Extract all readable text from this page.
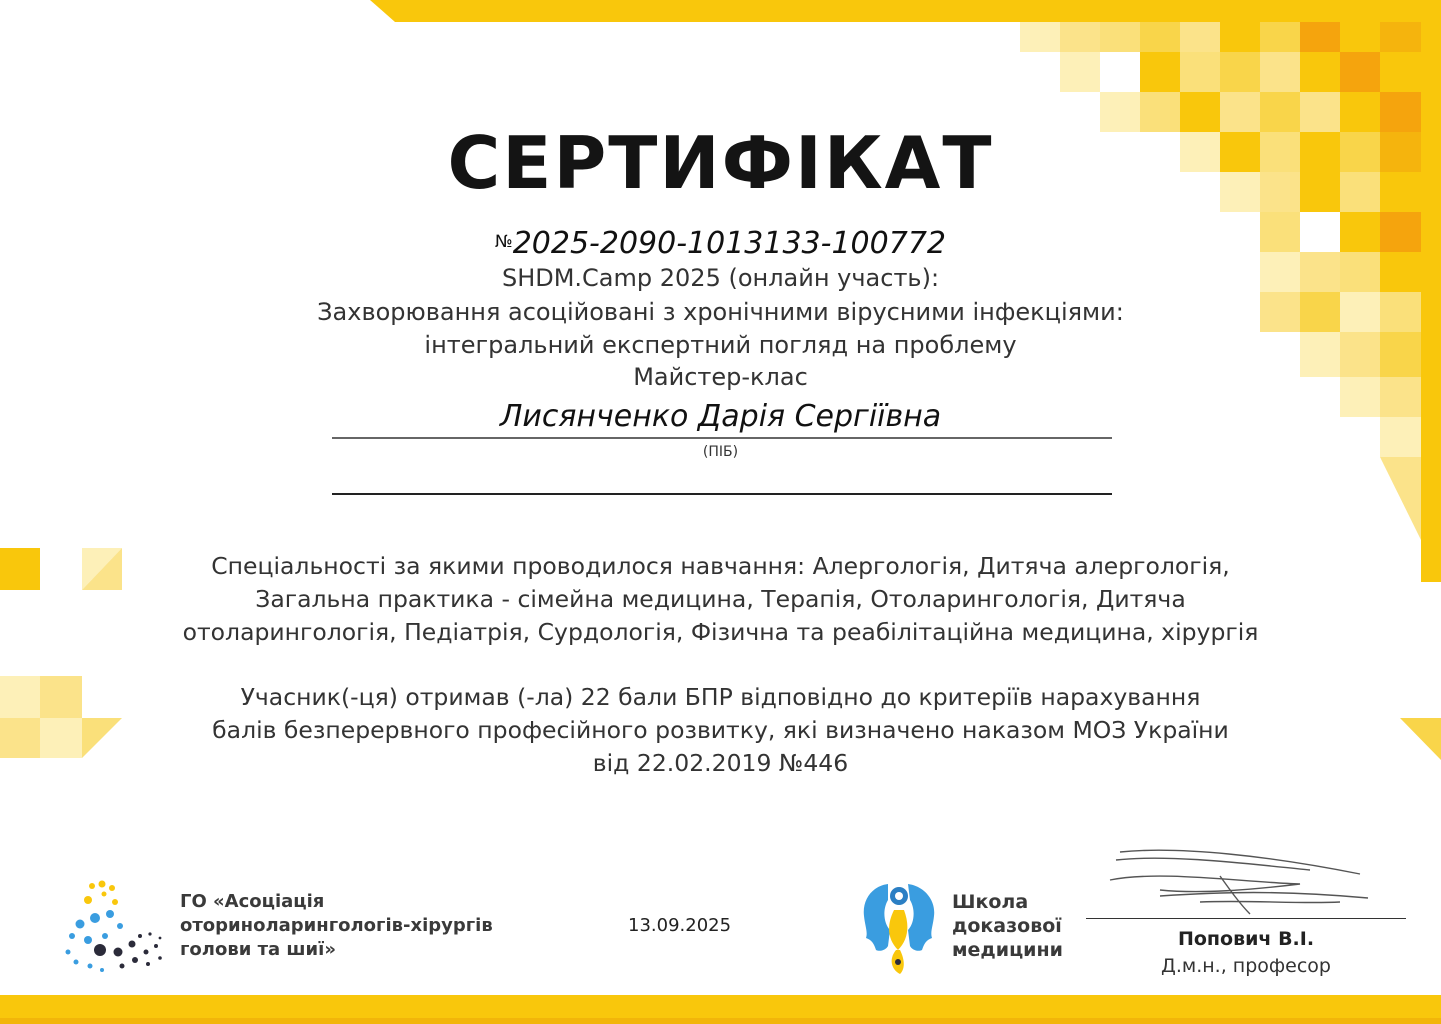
СЕРТИФІКАТ
№2025-2090-1013133-100772
SHDM.Camp 2025 (онлайн участь):
Захворювання асоційовані з хронічними вірусними інфекціями:
інтегральний експертний погляд на проблему
Майстер-клас
Лисянченко Дарія Сергіївна
(ПІБ)
Спеціальності за якими проводилося навчання: Алергологія, Дитяча алергологія,
Загальна практика - сімейна медицина, Терапія, Отоларингологія, Дитяча
отоларингологія, Педіатрія, Сурдологія, Фізична та реабілітаційна медицина, хірургія
Учасник(-ця) отримав (-ла) 22 бали БПР відповідно до критеріїв нарахування
балів безперервного професійного розвитку, які визначено наказом МОЗ України
від 22.02.2019 №446
ГО «Асоціація
оториноларингологів-хірургів
голови та шиї»
13.09.2025
Школа
доказової
медицини	Попович В.І.
Д.м.н., професор
